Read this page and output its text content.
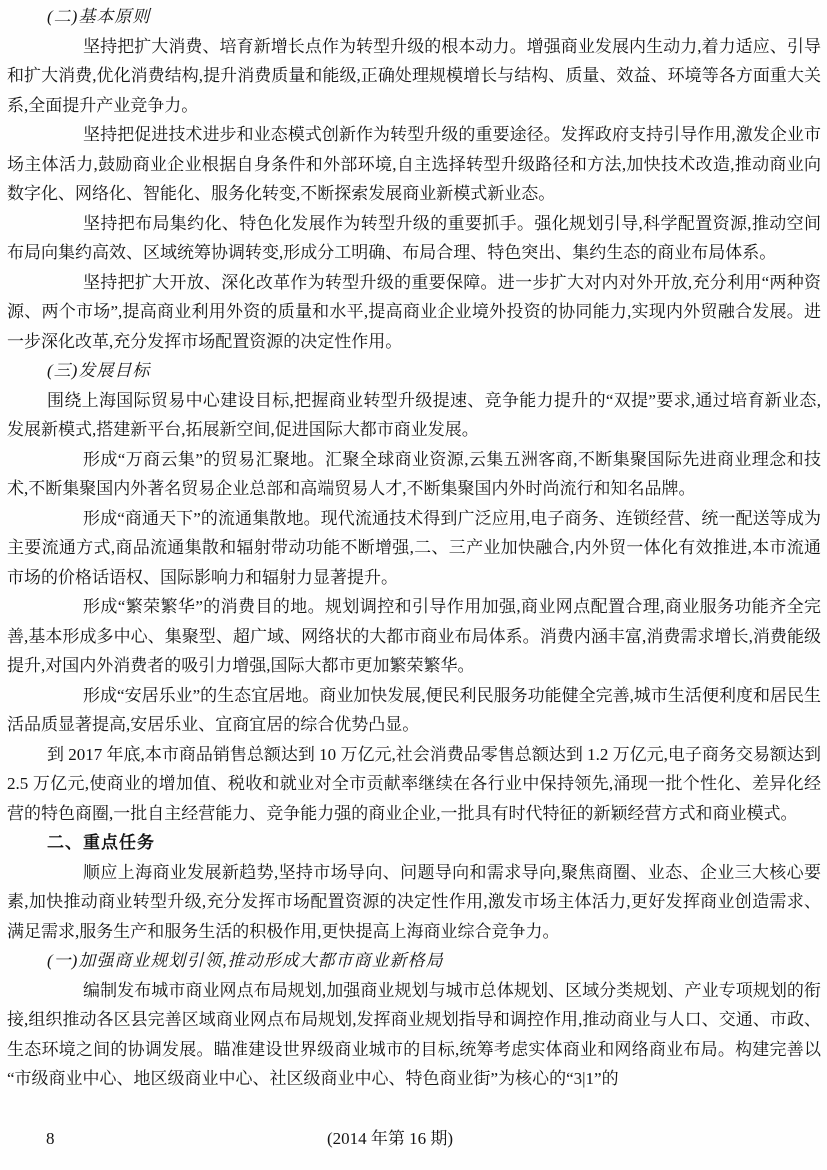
(二)基本原则

坚持把扩大消费、培育新增长点作为转型升级的根本动力。增强商业发展内生动力,着力适应、引导和扩大消费,优化消费结构,提升消费质量和能级,正确处理规模增长与结构、质量、效益、环境等各方面重大关系,全面提升产业竞争力。

坚持把促进技术进步和业态模式创新作为转型升级的重要途径。发挥政府支持引导作用,激发企业市场主体活力,鼓励商业企业根据自身条件和外部环境,自主选择转型升级路径和方法,加快技术改造,推动商业向数字化、网络化、智能化、服务化转变,不断探索发展商业新模式新业态。

坚持把布局集约化、特色化发展作为转型升级的重要抓手。强化规划引导,科学配置资源,推动空间布局向集约高效、区域统筹协调转变,形成分工明确、布局合理、特色突出、集约生态的商业布局体系。

坚持把扩大开放、深化改革作为转型升级的重要保障。进一步扩大对内对外开放,充分利用“两种资源、两个市场”,提高商业利用外资的质量和水平,提高商业企业境外投资的协同能力,实现内外贸融合发展。进一步深化改革,充分发挥市场配置资源的决定性作用。

(三)发展目标

围绕上海国际贸易中心建设目标,把握商业转型升级提速、竞争能力提升的“双提”要求,通过培育新业态,发展新模式,搭建新平台,拓展新空间,促进国际大都市商业发展。

形成“万商云集”的贸易汇聚地。汇聚全球商业资源,云集五洲客商,不断集聚国际先进商业理念和技术,不断集聚国内外著名贸易企业总部和高端贸易人才,不断集聚国内外时尚流行和知名品牌。

形成“商通天下”的流通集散地。现代流通技术得到广泛应用,电子商务、连锁经营、统一配送等成为主要流通方式,商品流通集散和辐射带动功能不断增强,二、三产业加快融合,内外贸一体化有效推进,本市流通市场的价格话语权、国际影响力和辐射力显著提升。

形成“繁荣繁华”的消费目的地。规划调控和引导作用加强,商业网点配置合理,商业服务功能齐全完善,基本形成多中心、集聚型、超广域、网络状的大都市商业布局体系。消费内涵丰富,消费需求增长,消费能级提升,对国内外消费者的吸引力增强,国际大都市更加繁荣繁华。

形成“安居乐业”的生态宜居地。商业加快发展,便民利民服务功能健全完善,城市生活便利度和居民生活品质显著提高,安居乐业、宜商宜居的综合优势凸显。

到 2017 年底,本市商品销售总额达到 10 万亿元,社会消费品零售总额达到 1.2 万亿元,电子商务交易额达到 2.5 万亿元,使商业的增加值、税收和就业对全市贡献率继续在各行业中保持领先,涌现一批个性化、差异化经营的特色商圈,一批自主经营能力、竞争能力强的商业企业,一批具有时代特征的新颖经营方式和商业模式。

二、重点任务

顺应上海商业发展新趋势,坚持市场导向、问题导向和需求导向,聚焦商圈、业态、企业三大核心要素,加快推动商业转型升级,充分发挥市场配置资源的决定性作用,激发市场主体活力,更好发挥商业创造需求、满足需求,服务生产和服务生活的积极作用,更快提高上海商业综合竞争力。

(一)加强商业规划引领,推动形成大都市商业新格局

编制发布城市商业网点布局规划,加强商业规划与城市总体规划、区域分类规划、产业专项规划的衔接,组织推动各区县完善区域商业网点布局规划,发挥商业规划指导和调控作用,推动商业与人口、交通、市政、生态环境之间的协调发展。瞄准建设世界级商业城市的目标,统筹考虑实体商业和网络商业布局。构建完善以“市级商业中心、地区级商业中心、社区级商业中心、特色商业街”为核心的“3|1”的

(2014 年第 16 期)
8
